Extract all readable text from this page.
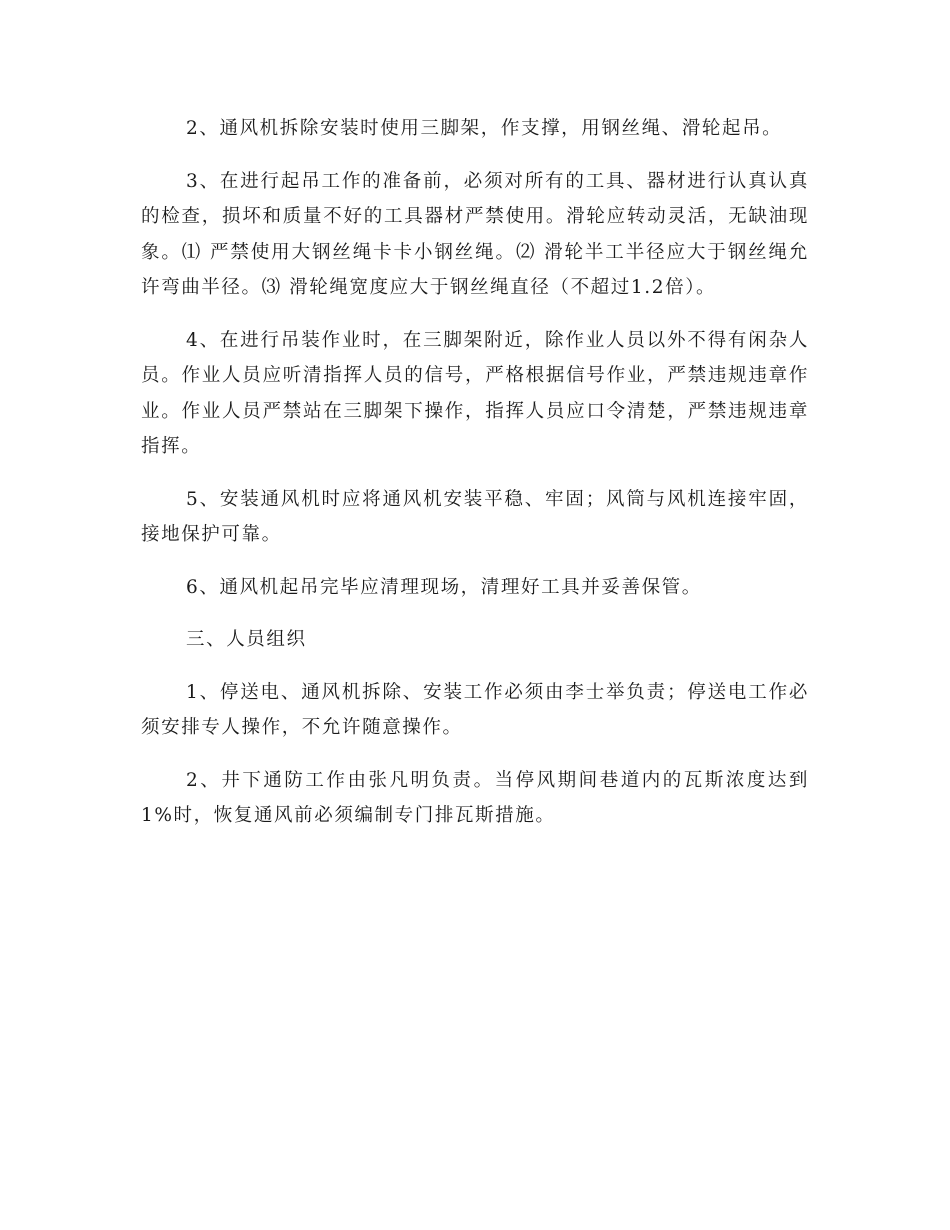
2、通风机拆除安装时使用三脚架，作支撑，用钢丝绳、滑轮起吊。

3、在进行起吊工作的准备前，必须对所有的工具、器材进行认真认真的检查，损坏和质量不好的工具器材严禁使用。滑轮应转动灵活，无缺油现象。⑴ 严禁使用大钢丝绳卡卡小钢丝绳。⑵ 滑轮半工半径应大于钢丝绳允许弯曲半径。⑶ 滑轮绳宽度应大于钢丝绳直径（不超过1.2倍）。

4、在进行吊装作业时，在三脚架附近，除作业人员以外不得有闲杂人员。作业人员应听清指挥人员的信号，严格根据信号作业，严禁违规违章作业。作业人员严禁站在三脚架下操作，指挥人员应口令清楚，严禁违规违章指挥。

5、安装通风机时应将通风机安装平稳、牢固；风筒与风机连接牢固，接地保护可靠。

6、通风机起吊完毕应清理现场，清理好工具并妥善保管。

三、人员组织

1、停送电、通风机拆除、安装工作必须由李士举负责；停送电工作必须安排专人操作，不允许随意操作。

2、井下通防工作由张凡明负责。当停风期间巷道内的瓦斯浓度达到1%时，恢复通风前必须编制专门排瓦斯措施。
